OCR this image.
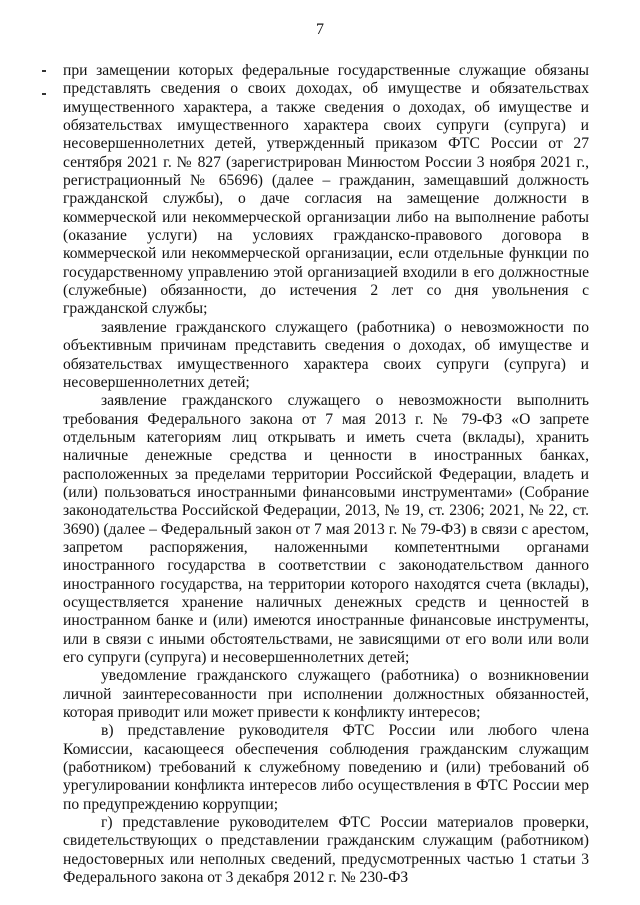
7

при замещении которых федеральные государственные служащие обязаны представлять сведения о своих доходах, об имуществе и обязательствах имущественного характера, а также сведения о доходах, об имуществе и обязательствах имущественного характера своих супруги (супруга) и несовершеннолетних детей, утвержденный приказом ФТС России от 27 сентября 2021 г. № 827 (зарегистрирован Минюстом России 3 ноября 2021 г., регистрационный № 65696) (далее – гражданин, замещавший должность гражданской службы), о даче согласия на замещение должности в коммерческой или некоммерческой организации либо на выполнение работы (оказание услуги) на условиях гражданско-правового договора в коммерческой или некоммерческой организации, если отдельные функции по государственному управлению этой организацией входили в его должностные (служебные) обязанности, до истечения 2 лет со дня увольнения с гражданской службы;

заявление гражданского служащего (работника) о невозможности по объективным причинам представить сведения о доходах, об имуществе и обязательствах имущественного характера своих супруги (супруга) и несовершеннолетних детей;

заявление гражданского служащего о невозможности выполнить требования Федерального закона от 7 мая 2013 г. № 79-ФЗ «О запрете отдельным категориям лиц открывать и иметь счета (вклады), хранить наличные денежные средства и ценности в иностранных банках, расположенных за пределами территории Российской Федерации, владеть и (или) пользоваться иностранными финансовыми инструментами» (Собрание законодательства Российской Федерации, 2013, № 19, ст. 2306; 2021, № 22, ст. 3690) (далее – Федеральный закон от 7 мая 2013 г. № 79-ФЗ) в связи с арестом, запретом распоряжения, наложенными компетентными органами иностранного государства в соответствии с законодательством данного иностранного государства, на территории которого находятся счета (вклады), осуществляется хранение наличных денежных средств и ценностей в иностранном банке и (или) имеются иностранные финансовые инструменты, или в связи с иными обстоятельствами, не зависящими от его воли или воли его супруги (супруга) и несовершеннолетних детей;

уведомление гражданского служащего (работника) о возникновении личной заинтересованности при исполнении должностных обязанностей, которая приводит или может привести к конфликту интересов;

в) представление руководителя ФТС России или любого члена Комиссии, касающееся обеспечения соблюдения гражданским служащим (работником) требований к служебному поведению и (или) требований об урегулировании конфликта интересов либо осуществления в ФТС России мер по предупреждению коррупции;

г) представление руководителем ФТС России материалов проверки, свидетельствующих о представлении гражданским служащим (работником) недостоверных или неполных сведений, предусмотренных частью 1 статьи 3 Федерального закона от 3 декабря 2012 г. № 230-ФЗ
